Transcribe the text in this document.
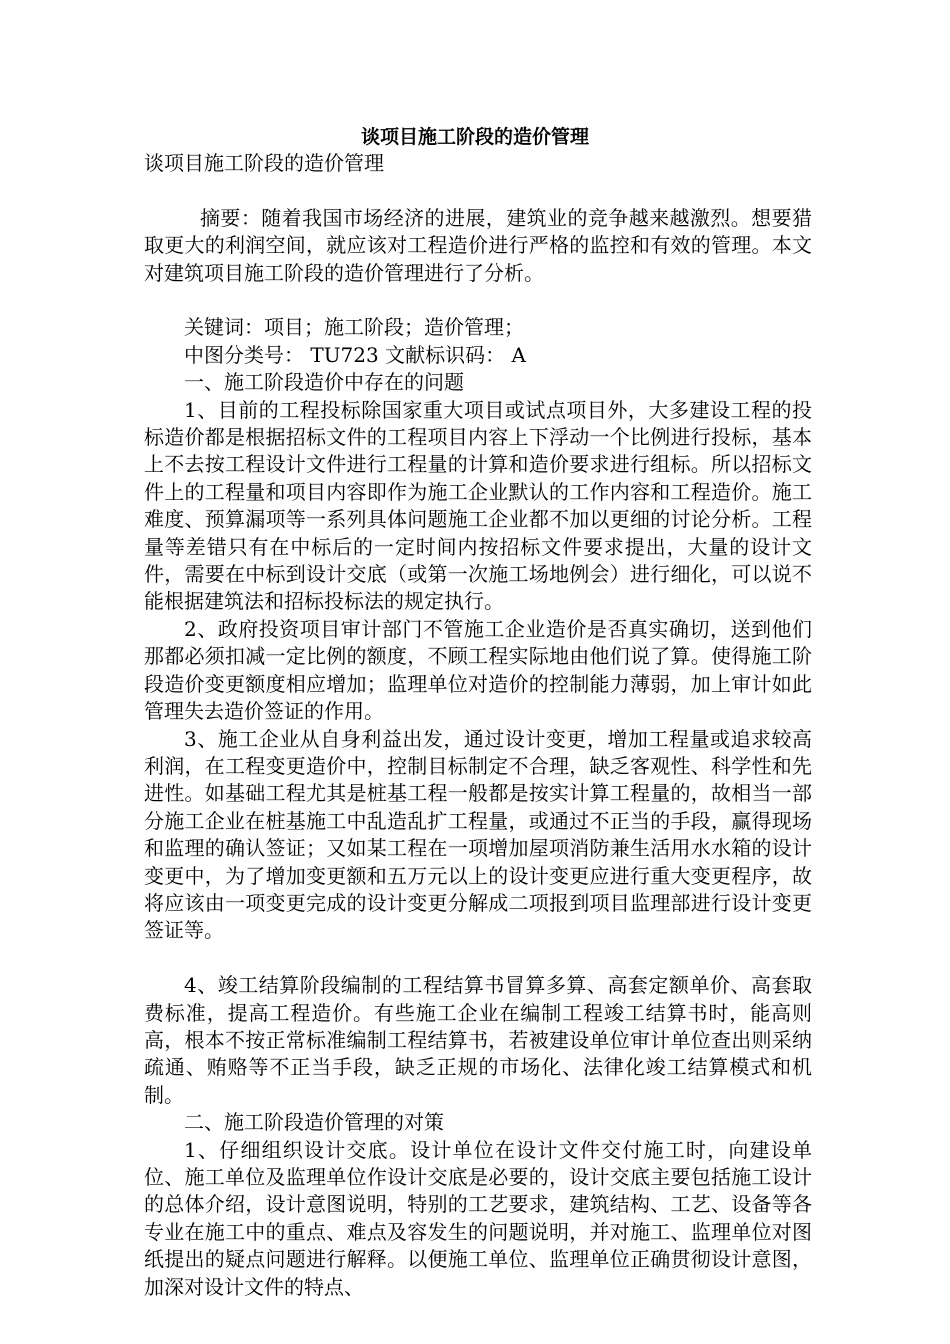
谈项目施工阶段的造价管理

谈项目施工阶段的造价管理

摘要：随着我国市场经济的进展，建筑业的竞争越来越激烈。想要猎取更大的利润空间，就应该对工程造价进行严格的监控和有效的管理。本文对建筑项目施工阶段的造价管理进行了分析。

关键词：项目；施工阶段；造价管理；

中图分类号： TU723 文献标识码： A

一、施工阶段造价中存在的问题

1、目前的工程投标除国家重大项目或试点项目外，大多建设工程的投标造价都是根据招标文件的工程项目内容上下浮动一个比例进行投标，基本上不去按工程设计文件进行工程量的计算和造价要求进行组标。所以招标文件上的工程量和项目内容即作为施工企业默认的工作内容和工程造价。施工难度、预算漏项等一系列具体问题施工企业都不加以更细的讨论分析。工程量等差错只有在中标后的一定时间内按招标文件要求提出，大量的设计文件，需要在中标到设计交底（或第一次施工场地例会）进行细化，可以说不能根据建筑法和招标投标法的规定执行。

2、政府投资项目审计部门不管施工企业造价是否真实确切，送到他们那都必须扣减一定比例的额度，不顾工程实际地由他们说了算。使得施工阶段造价变更额度相应增加；监理单位对造价的控制能力薄弱，加上审计如此管理失去造价签证的作用。

3、施工企业从自身利益出发，通过设计变更，增加工程量或追求较高利润，在工程变更造价中，控制目标制定不合理，缺乏客观性、科学性和先进性。如基础工程尤其是桩基工程一般都是按实计算工程量的，故相当一部分施工企业在桩基施工中乱造乱扩工程量，或通过不正当的手段，赢得现场和监理的确认签证；又如某工程在一项增加屋项消防兼生活用水水箱的设计变更中，为了增加变更额和五万元以上的设计变更应进行重大变更程序，故将应该由一项变更完成的设计变更分解成二项报到项目监理部进行设计变更签证等。

4、竣工结算阶段编制的工程结算书冒算多算、高套定额单价、高套取费标准，提高工程造价。有些施工企业在编制工程竣工结算书时，能高则高，根本不按正常标准编制工程结算书，若被建设单位审计单位查出则采纳疏通、贿赂等不正当手段，缺乏正规的市场化、法律化竣工结算模式和机制。

二、施工阶段造价管理的对策

1、仔细组织设计交底。设计单位在设计文件交付施工时，向建设单位、施工单位及监理单位作设计交底是必要的，设计交底主要包括施工设计的总体介绍，设计意图说明，特别的工艺要求，建筑结构、工艺、设备等各专业在施工中的重点、难点及容发生的问题说明，并对施工、监理单位对图纸提出的疑点问题进行解释。以便施工单位、监理单位正确贯彻设计意图，加深对设计文件的特点、
